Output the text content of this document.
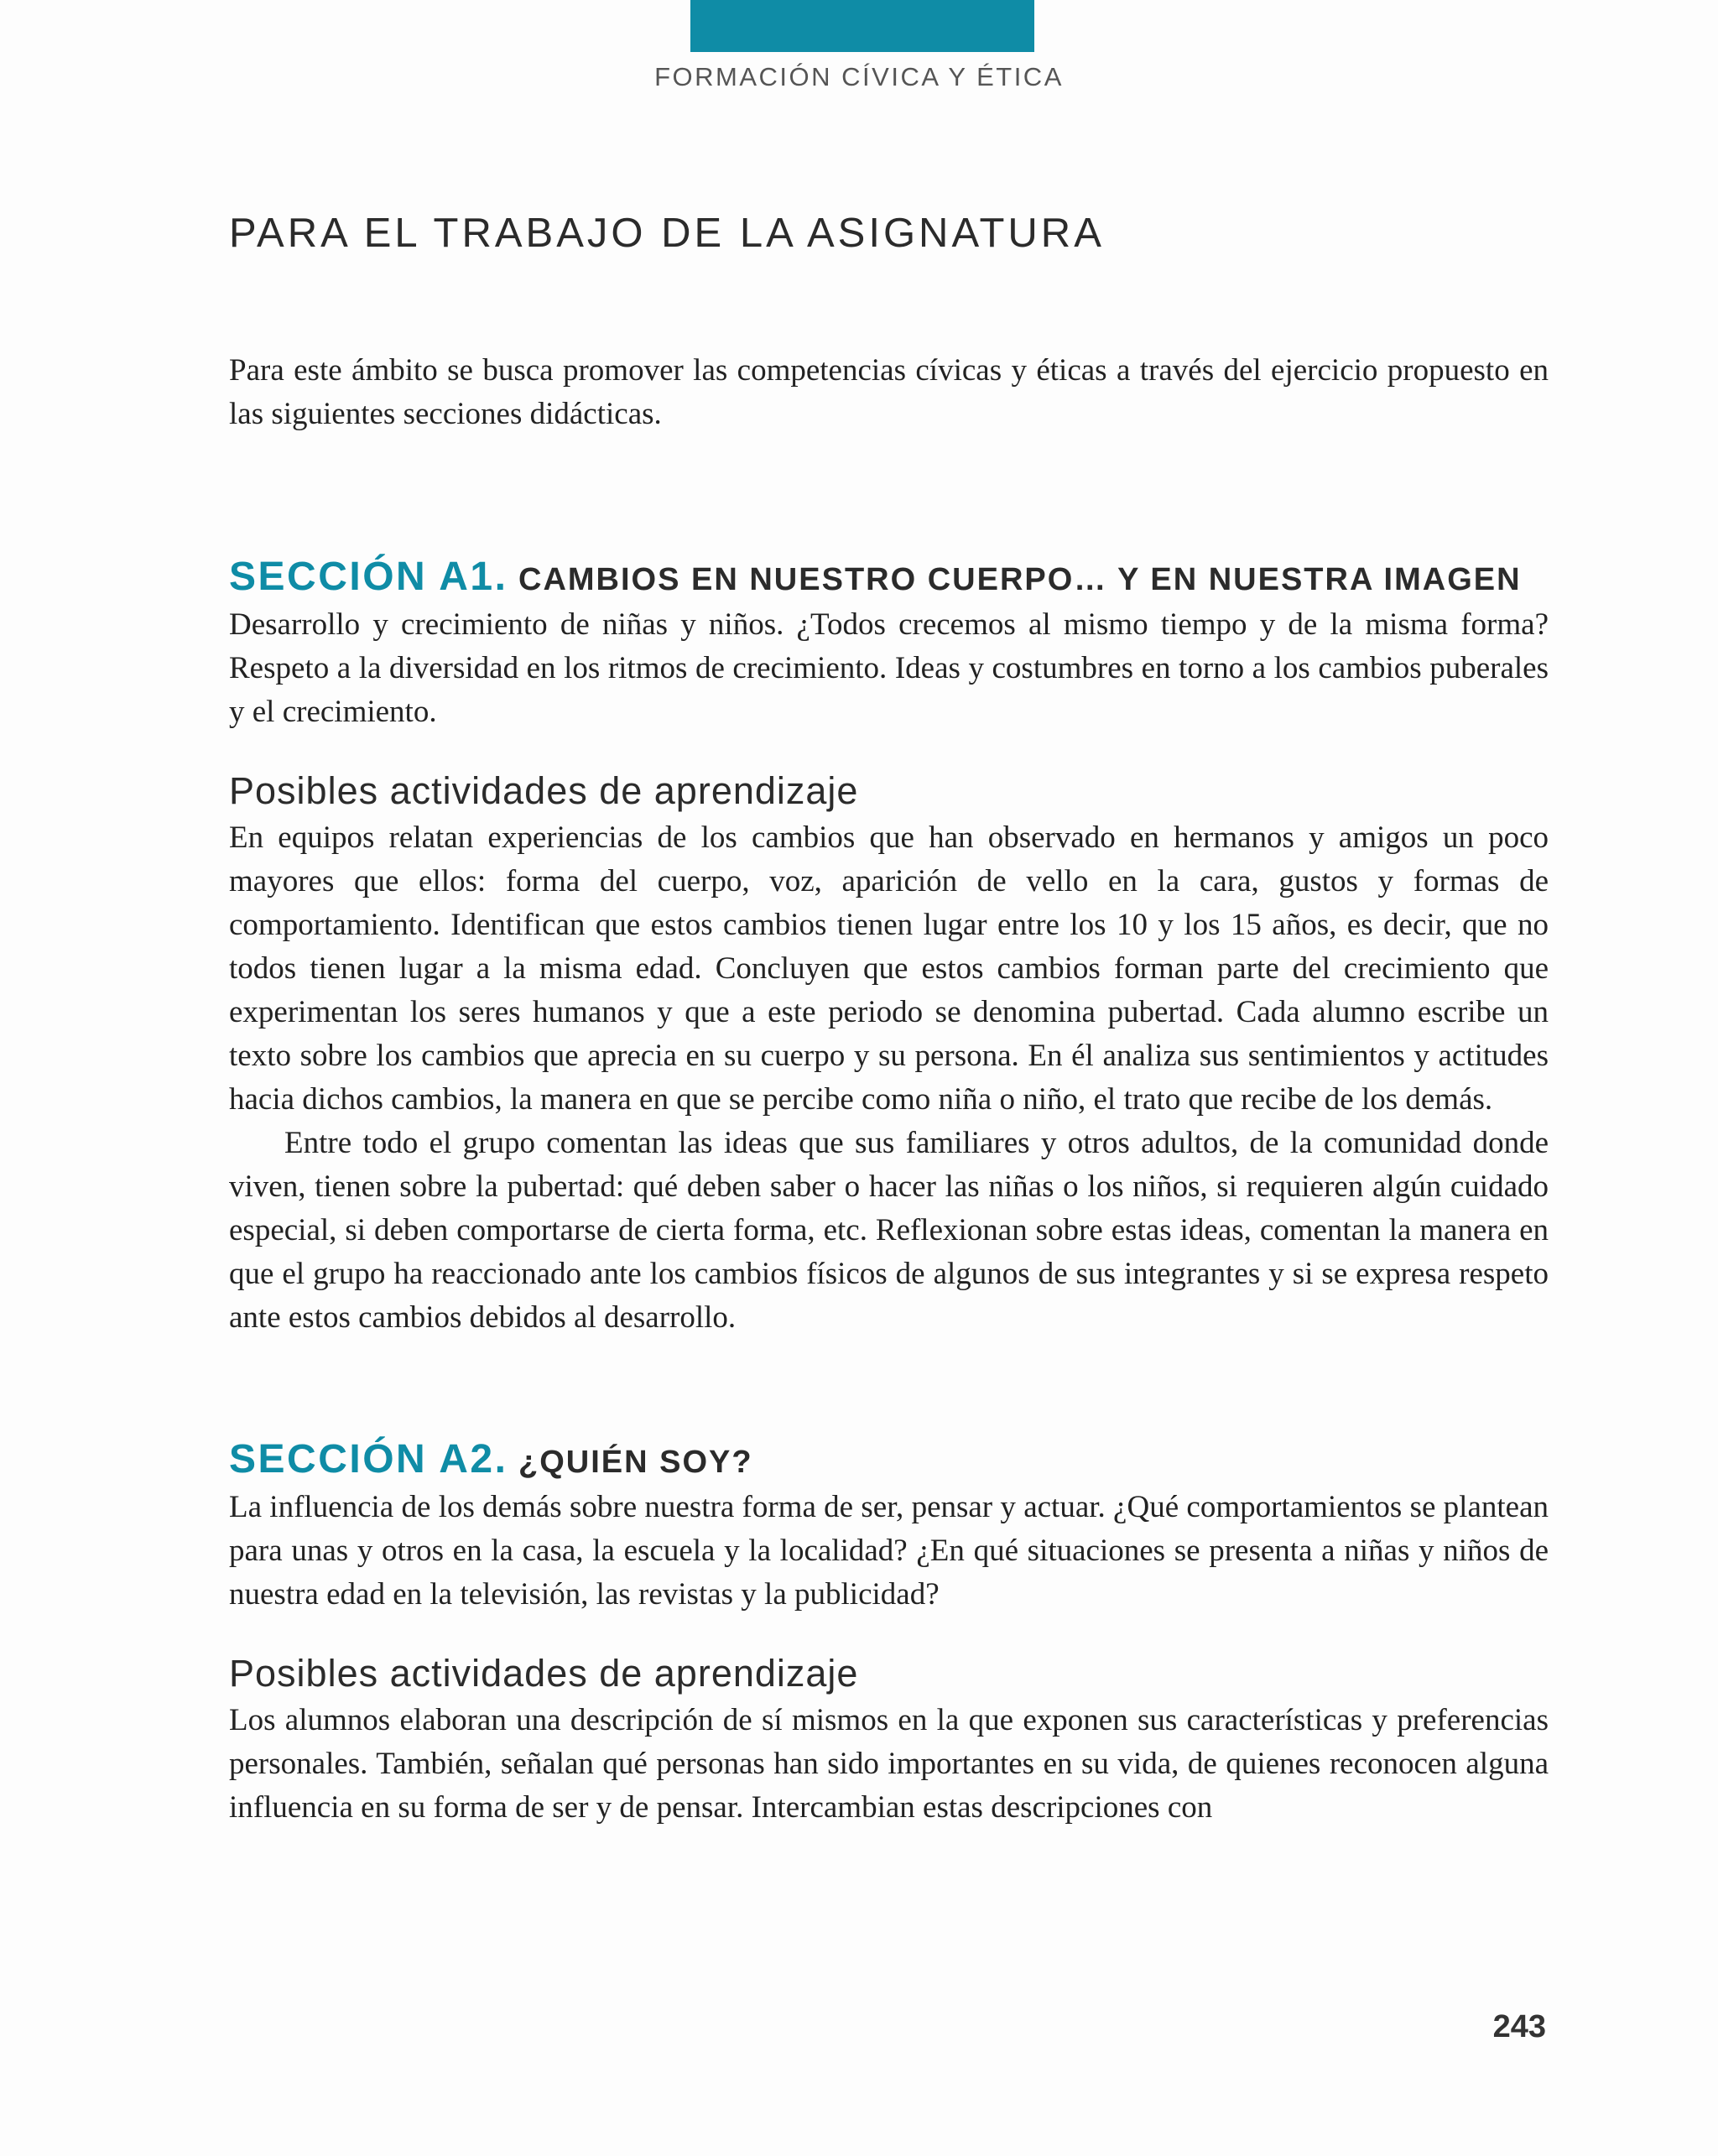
FORMACIÓN CÍVICA Y ÉTICA
PARA EL TRABAJO DE LA ASIGNATURA

Para este ámbito se busca promover las competencias cívicas y éticas a través del ejercicio propuesto en las siguientes secciones didácticas.

SECCIÓN A1. CAMBIOS EN NUESTRO CUERPO… Y EN NUESTRA IMAGEN

Desarrollo y crecimiento de niñas y niños. ¿Todos crecemos al mismo tiempo y de la misma forma? Respeto a la diversidad en los ritmos de crecimiento. Ideas y costumbres en torno a los cambios puberales y el crecimiento.

Posibles actividades de aprendizaje

En equipos relatan experiencias de los cambios que han observado en hermanos y amigos un poco mayores que ellos: forma del cuerpo, voz, aparición de vello en la cara, gustos y formas de comportamiento. Identifican que estos cambios tienen lugar entre los 10 y los 15 años, es decir, que no todos tienen lugar a la misma edad. Concluyen que estos cambios forman parte del crecimiento que experimentan los seres humanos y que a este periodo se denomina pubertad. Cada alumno escribe un texto sobre los cambios que aprecia en su cuerpo y su persona. En él analiza sus sentimientos y actitudes hacia dichos cambios, la manera en que se percibe como niña o niño, el trato que recibe de los demás.

Entre todo el grupo comentan las ideas que sus familiares y otros adultos, de la comunidad donde viven, tienen sobre la pubertad: qué deben saber o hacer las niñas o los niños, si requieren algún cuidado especial, si deben comportarse de cierta forma, etc. Reflexionan sobre estas ideas, comentan la manera en que el grupo ha reaccionado ante los cambios físicos de algunos de sus integrantes y si se expresa respeto ante estos cambios debidos al desarrollo.

SECCIÓN A2. ¿QUIÉN SOY?

La influencia de los demás sobre nuestra forma de ser, pensar y actuar. ¿Qué comportamientos se plantean para unas y otros en la casa, la escuela y la localidad? ¿En qué situaciones se presenta a niñas y niños de nuestra edad en la televisión, las revistas y la publicidad?

Posibles actividades de aprendizaje

Los alumnos elaboran una descripción de sí mismos en la que exponen sus características y preferencias personales. También, señalan qué personas han sido importantes en su vida, de quienes reconocen alguna influencia en su forma de ser y de pensar. Intercambian estas descripciones con

243
